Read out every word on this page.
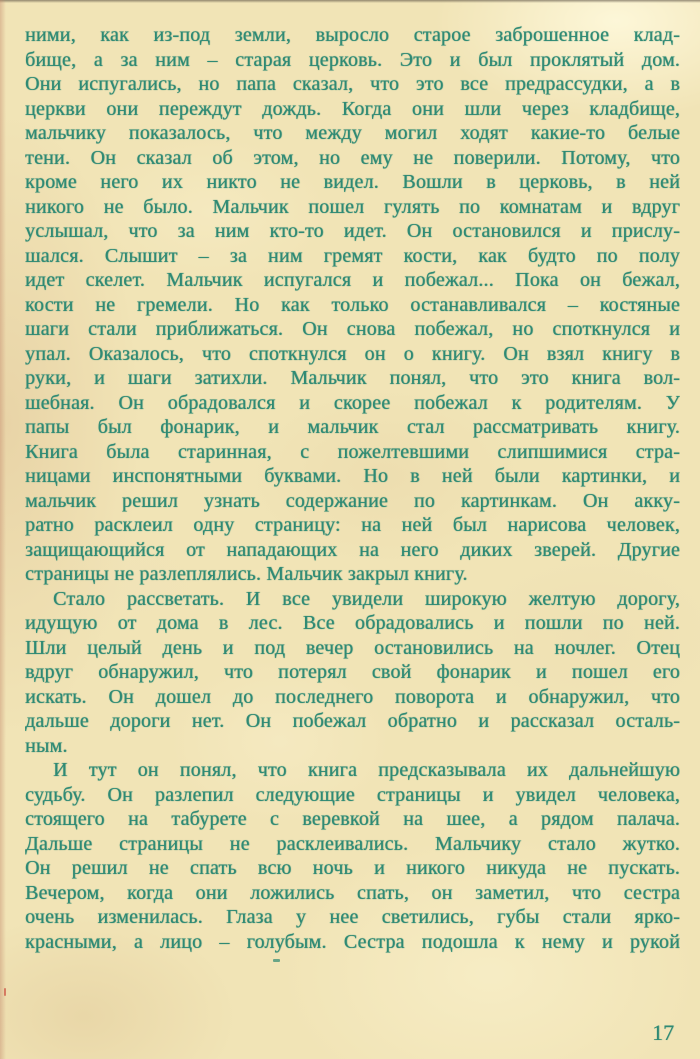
ними, как из-под земли, выросло старое заброшенное клад-
бище, а за ним – старая церковь. Это и был проклятый дом.
Они испугались, но папа сказал, что это все предрассудки, а в
церкви они переждут дождь. Когда они шли через кладбище,
мальчику показалось, что между могил ходят какие-то белые
тени. Он сказал об этом, но ему не поверили. Потому, что
кроме него их никто не видел. Вошли в церковь, в ней
никого не было. Мальчик пошел гулять по комнатам и вдруг
услышал, что за ним кто-то идет. Он остановился и прислу-
шался. Слышит – за ним гремят кости, как будто по полу
идет скелет. Мальчик испугался и побежал... Пока он бежал,
кости не гремели. Но как только останавливался – костяные
шаги стали приближаться. Он снова побежал, но споткнулся и
упал. Оказалось, что споткнулся он о книгу. Он взял книгу в
руки, и шаги затихли. Мальчик понял, что это книга вол-
шебная. Он обрадовался и скорее побежал к родителям. У
папы был фонарик, и мальчик стал рассматривать книгу.
Книга была старинная, с пожелтевшими слипшимися стра-
ницами инспонятными буквами. Но в ней были картинки, и
мальчик решил узнать содержание по картинкам. Он акку-
ратно расклеил одну страницу: на ней был нарисова человек,
защищающийся от нападающих на него диких зверей. Другие
страницы не разлеплялись. Мальчик закрыл книгу.
Стало рассветать. И все увидели широкую желтую дорогу,
идущую от дома в лес. Все обрадовались и пошли по ней.
Шли целый день и под вечер остановились на ночлег. Отец
вдруг обнаружил, что потерял свой фонарик и пошел его
искать. Он дошел до последнего поворота и обнаружил, что
дальше дороги нет. Он побежал обратно и рассказал осталь-
ным.
И тут он понял, что книга предсказывала их дальнейшую
судьбу. Он разлепил следующие страницы и увидел человека,
стоящего на табурете с веревкой на шее, а рядом палача.
Дальше страницы не расклеивались. Мальчику стало жутко.
Он решил не спать всю ночь и никого никуда не пускать.
Вечером, когда они ложились спать, он заметил, что сестра
очень изменилась. Глаза у нее светились, губы стали ярко-
красными, а лицо – голубым. Сестра подошла к нему и рукой
17
